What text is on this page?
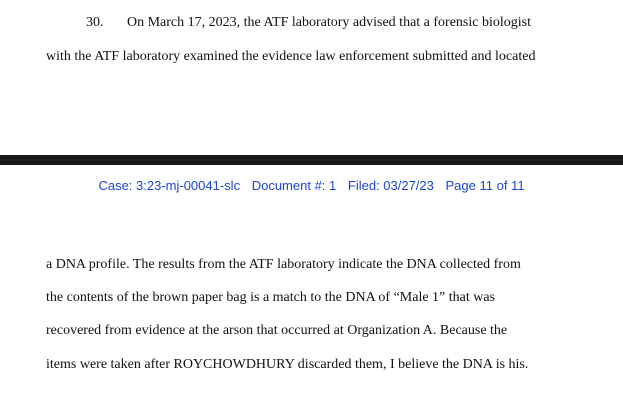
30. On March 17, 2023, the ATF laboratory advised that a forensic biologist
with the ATF laboratory examined the evidence law enforcement submitted and located
Case: 3:23-mj-00041-slc Document #: 1 Filed: 03/27/23 Page 11 of 11
a DNA profile. The results from the ATF laboratory indicate the DNA collected from
the contents of the brown paper bag is a match to the DNA of “Male 1” that was
recovered from evidence at the arson that occurred at Organization A. Because the
items were taken after ROYCHOWDHURY discarded them, I believe the DNA is his.
